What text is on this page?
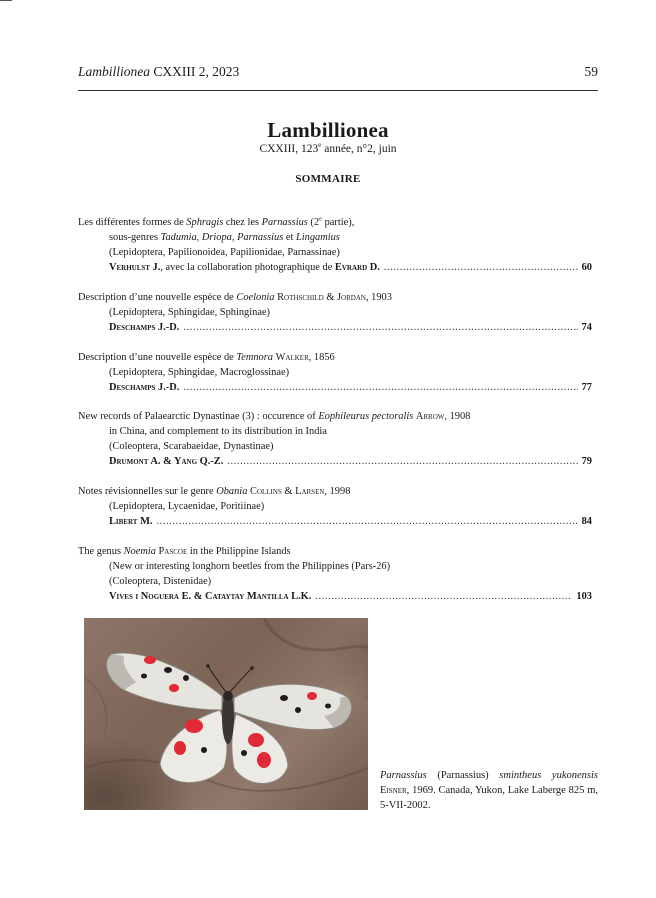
Lambillionea CXXIII 2, 2023	59
Lambillionea
CXXIII, 123e année, n°2, juin
SOMMAIRE
Les différentes formes de Sphragis chez les Parnassius (2e partie),
sous-genres Tadumia, Driopa, Parnassius et Lingamius
(Lepidoptera, Papilionoidea, Papilionidae, Parnassinae)
Verhulst J., avec la collaboration photographique de Evrard D. .....	60
Description d’une nouvelle espèce de Coelonia Rothschild & Jordan, 1903
(Lepidoptera, Sphingidae, Sphinginae)
Deschamps J.-D. .....	74
Description d’une nouvelle espèce de Temnora Walker, 1856
(Lepidoptera, Sphingidae, Macroglossinae)
Deschamps J.-D. .....	77
New records of Palaearctic Dynastinae (3) : occurence of Eophileurus pectoralis Arrow, 1908
in China, and complement to its distribution in India
(Coleoptera, Scarabaeidae, Dynastinae)
Drumont A. & Yang Q.-Z. .....	79
Notes révisionnelles sur le genre Obania Collins & Larsen, 1998
(Lepidoptera, Lycaenidae, Poritiinae)
Libert M. .....	84
The genus Noemia Pascoe in the Philippine Islands
(New or interesting longhorn beetles from the Philippines (Pars-26)
(Coleoptera, Distenidae)
Vives i Noguera E. & Cataytay Mantilla L.K. .....	103
Parnassius (Parnassius) smintheus yukonensis Eisner, 1969. Canada, Yukon, Lake Laberge 825 m, 5-VII-2002.
